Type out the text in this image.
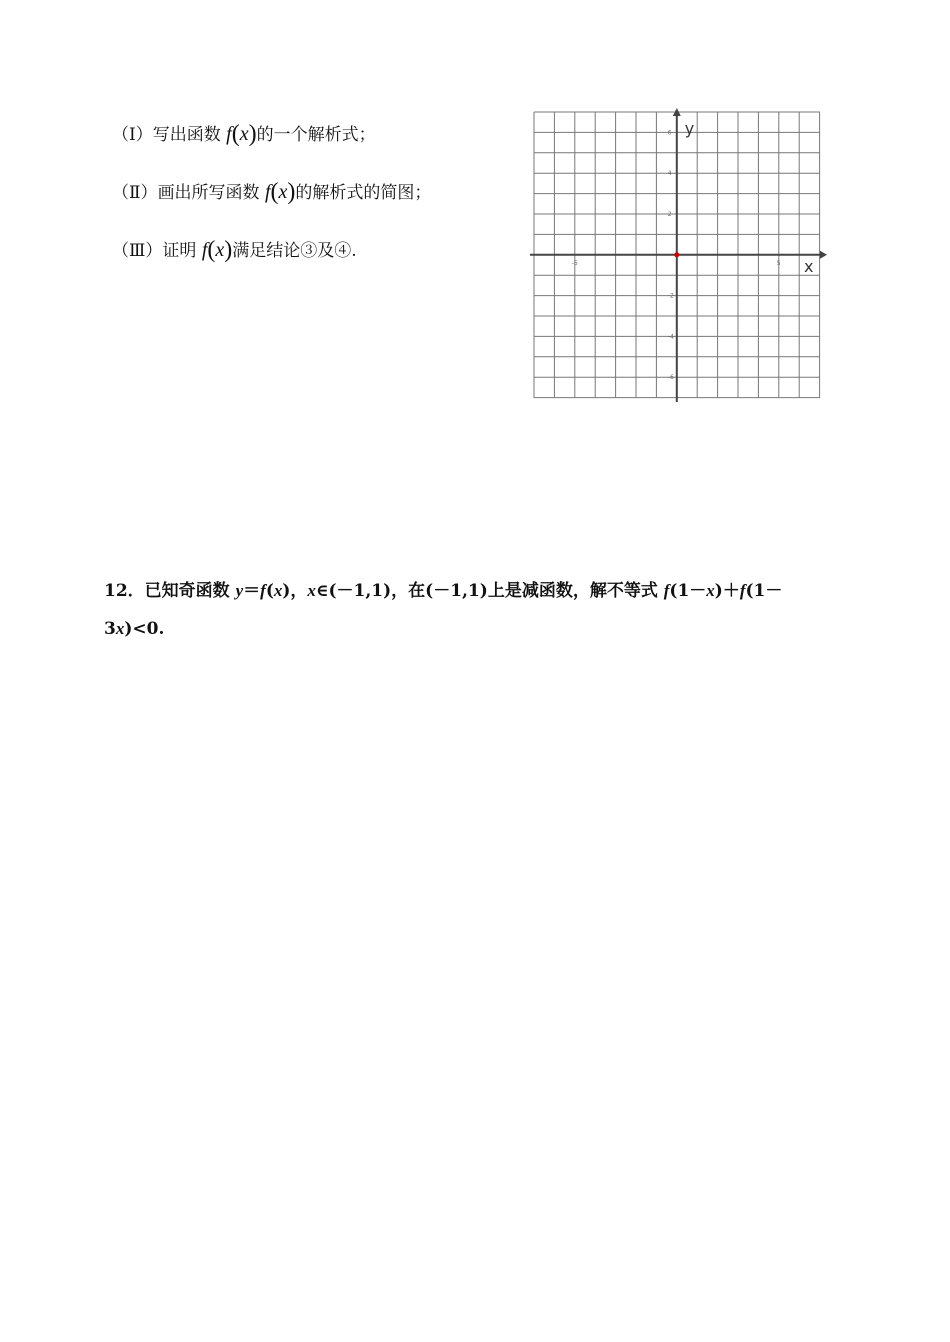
（Ⅰ）写出函数 f(x)的一个解析式；
（Ⅱ）画出所写函数 f(x)的解析式的简图；
（Ⅲ）证明 f(x)满足结论③及④.
-5	5
6
4
2
-2
-4
-6
x
y
12．已知奇函数 y＝f(x)，x∈(－1,1)，在(－1,1)上是减函数，解不等式 f(1－x)＋f(1－
3x)<0.
